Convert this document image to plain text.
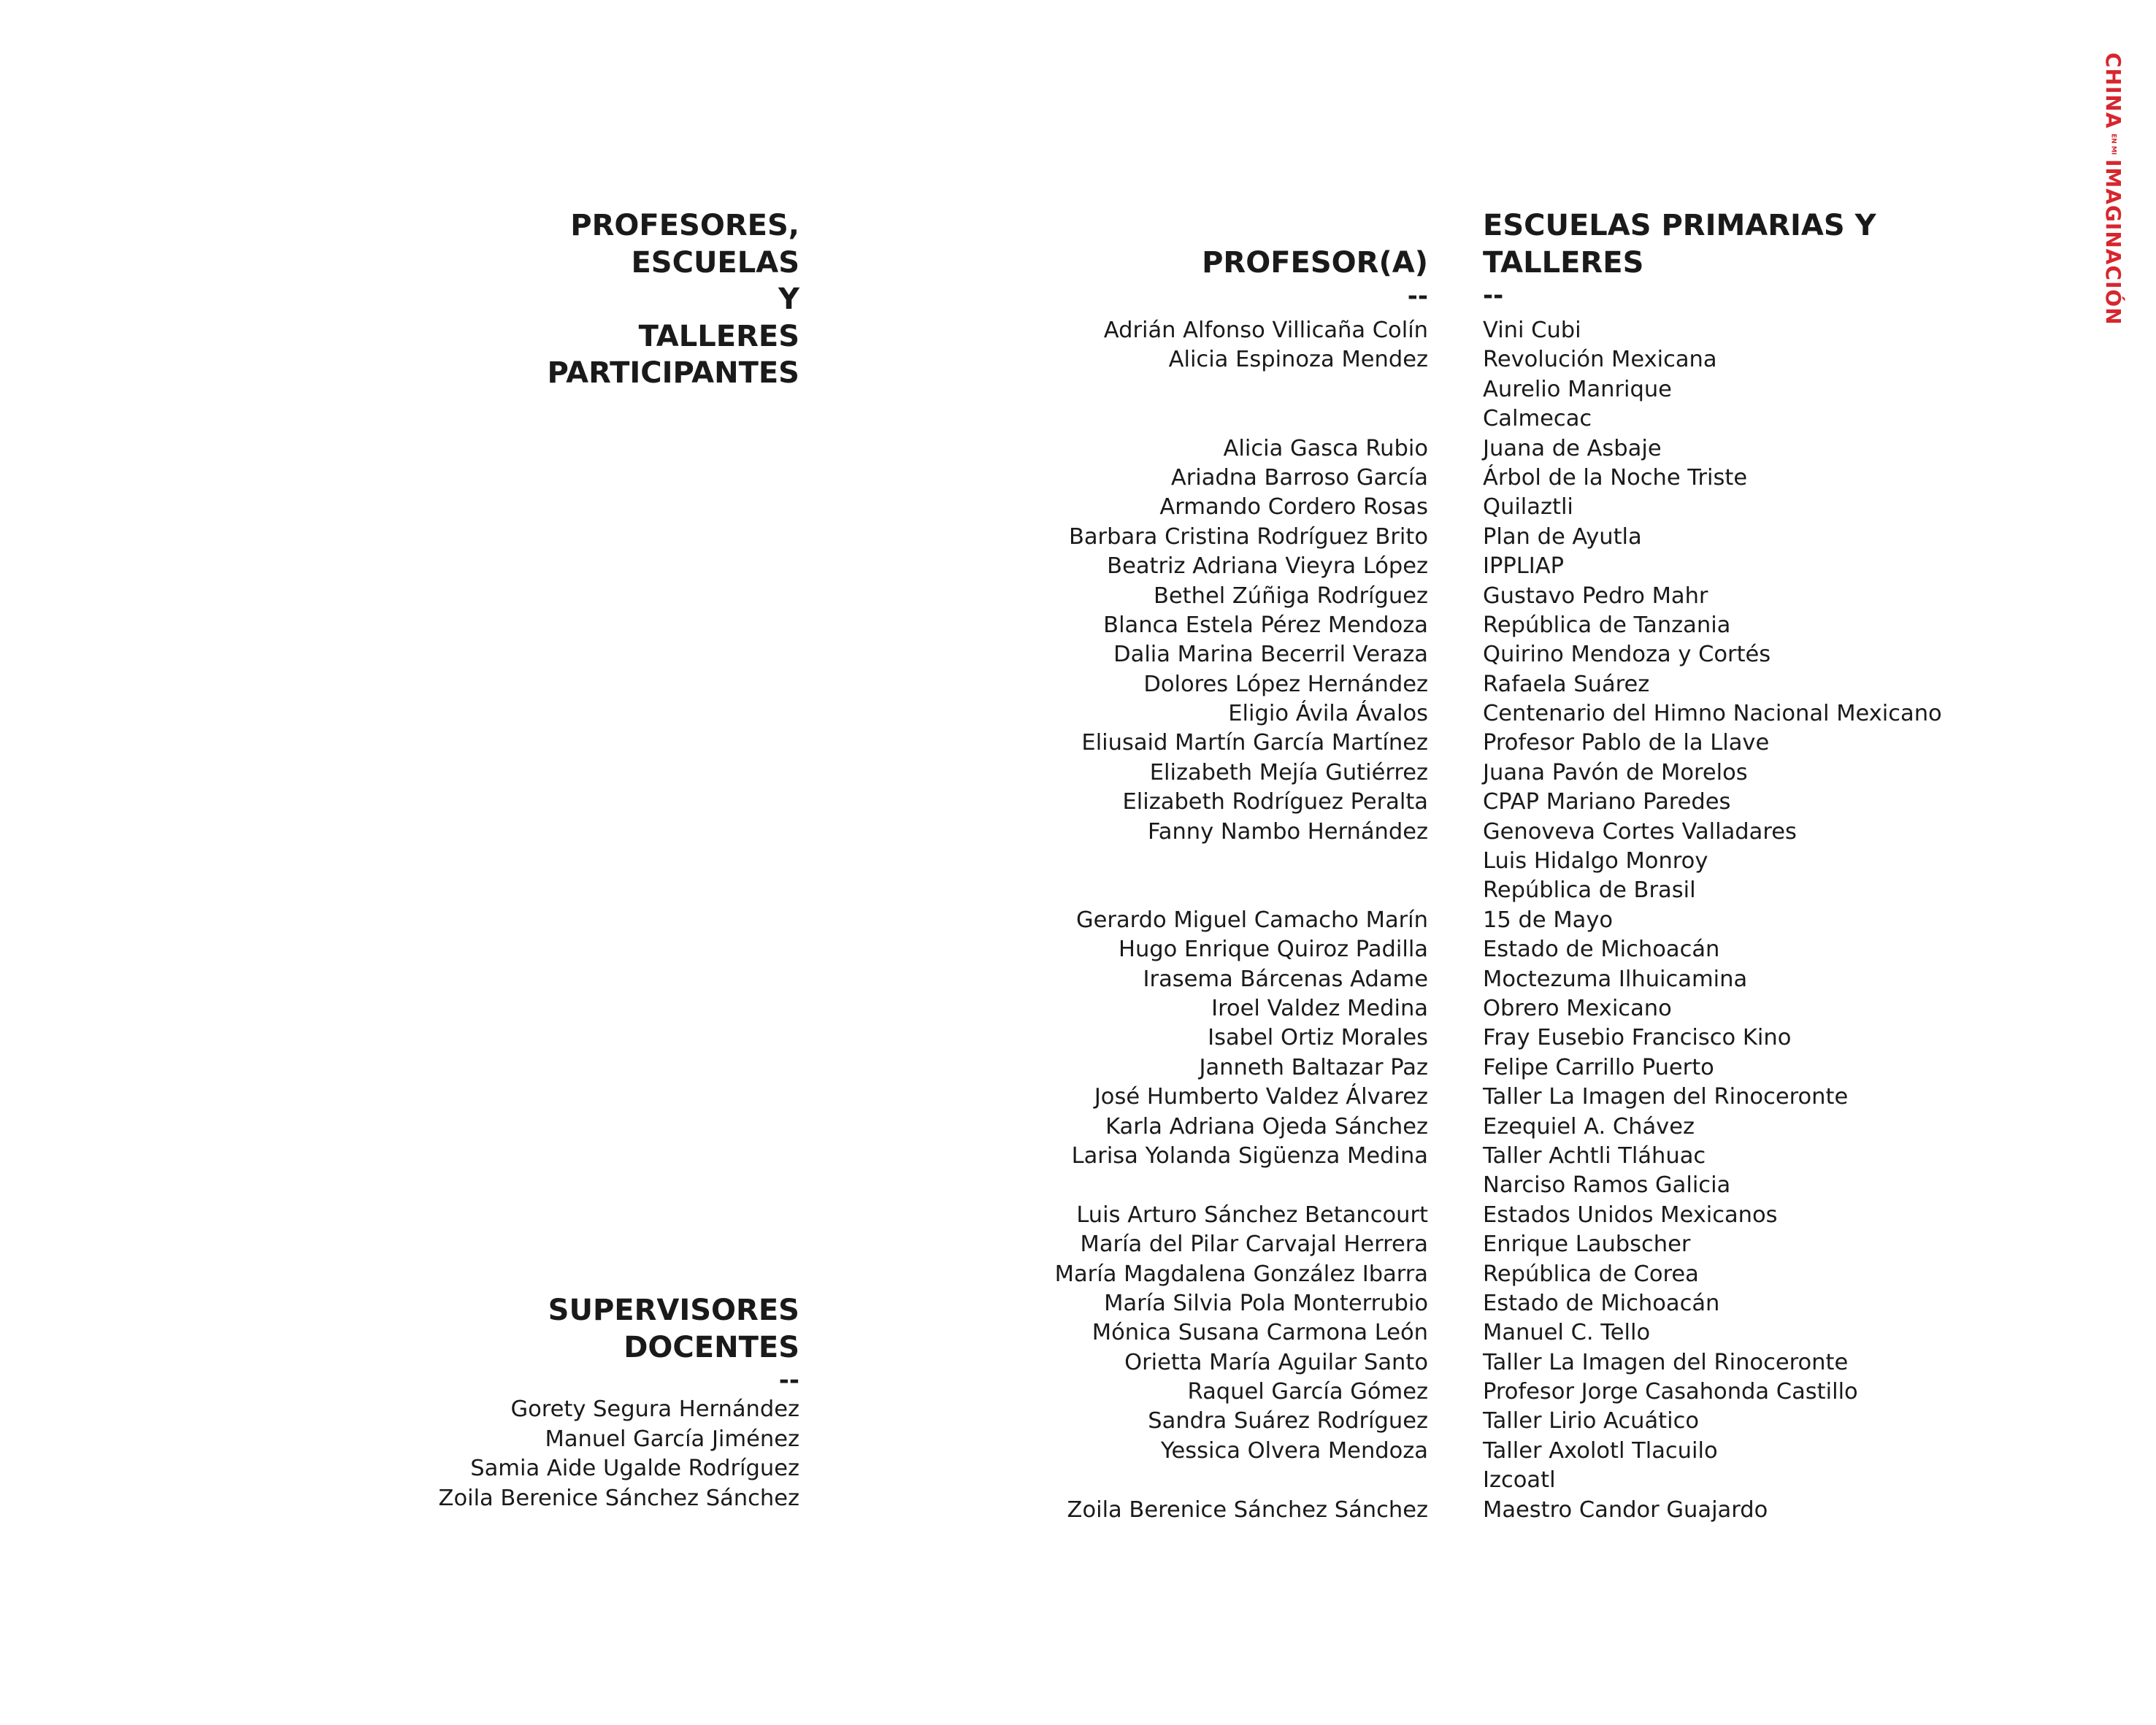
CHINA
EN MI
IMAGINACIÓN
PROFESORES,
ESCUELAS
Y
TALLERES
PARTICIPANTES
SUPERVISORES
DOCENTES
--
Gorety Segura Hernández
Manuel García Jiménez
Samia Aide Ugalde Rodríguez
Zoila Berenice Sánchez Sánchez
PROFESOR(A)
--
ESCUELAS PRIMARIAS Y
TALLERES
--
Adrián Alfonso Villicaña Colín
Alicia Espinoza Mendez
Alicia Gasca Rubio
Ariadna Barroso García
Armando Cordero Rosas
Barbara Cristina Rodríguez Brito
Beatriz Adriana Vieyra López
Bethel Zúñiga Rodríguez
Blanca Estela Pérez Mendoza
Dalia Marina Becerril Veraza
Dolores López Hernández
Eligio Ávila Ávalos
Eliusaid Martín García Martínez
Elizabeth Mejía Gutiérrez
Elizabeth Rodríguez Peralta
Fanny Nambo Hernández
Gerardo Miguel Camacho Marín
Hugo Enrique Quiroz Padilla
Irasema Bárcenas Adame
Iroel Valdez Medina
Isabel Ortiz Morales
Janneth Baltazar Paz
José Humberto Valdez Álvarez
Karla Adriana Ojeda Sánchez
Larisa Yolanda Sigüenza Medina
Luis Arturo Sánchez Betancourt
María del Pilar Carvajal Herrera
María Magdalena González Ibarra
María Silvia Pola Monterrubio
Mónica Susana Carmona León
Orietta María Aguilar Santo
Raquel García Gómez
Sandra Suárez Rodríguez
Yessica Olvera Mendoza
Zoila Berenice Sánchez Sánchez
Vini Cubi
Revolución Mexicana
Aurelio Manrique
Calmecac
Juana de Asbaje
Árbol de la Noche Triste
Quilaztli
Plan de Ayutla
IPPLIAP
Gustavo Pedro Mahr
República de Tanzania
Quirino Mendoza y Cortés
Rafaela Suárez
Centenario del Himno Nacional Mexicano
Profesor Pablo de la Llave
Juana Pavón de Morelos
CPAP Mariano Paredes
Genoveva Cortes Valladares
Luis Hidalgo Monroy
República de Brasil
15 de Mayo
Estado de Michoacán
Moctezuma Ilhuicamina
Obrero Mexicano
Fray Eusebio Francisco Kino
Felipe Carrillo Puerto
Taller La Imagen del Rinoceronte
Ezequiel A. Chávez
Taller Achtli Tláhuac
Narciso Ramos Galicia
Estados Unidos Mexicanos
Enrique Laubscher
República de Corea
Estado de Michoacán
Manuel C. Tello
Taller La Imagen del Rinoceronte
Profesor Jorge Casahonda Castillo
Taller Lirio Acuático
Taller Axolotl Tlacuilo
Izcoatl
Maestro Candor Guajardo
